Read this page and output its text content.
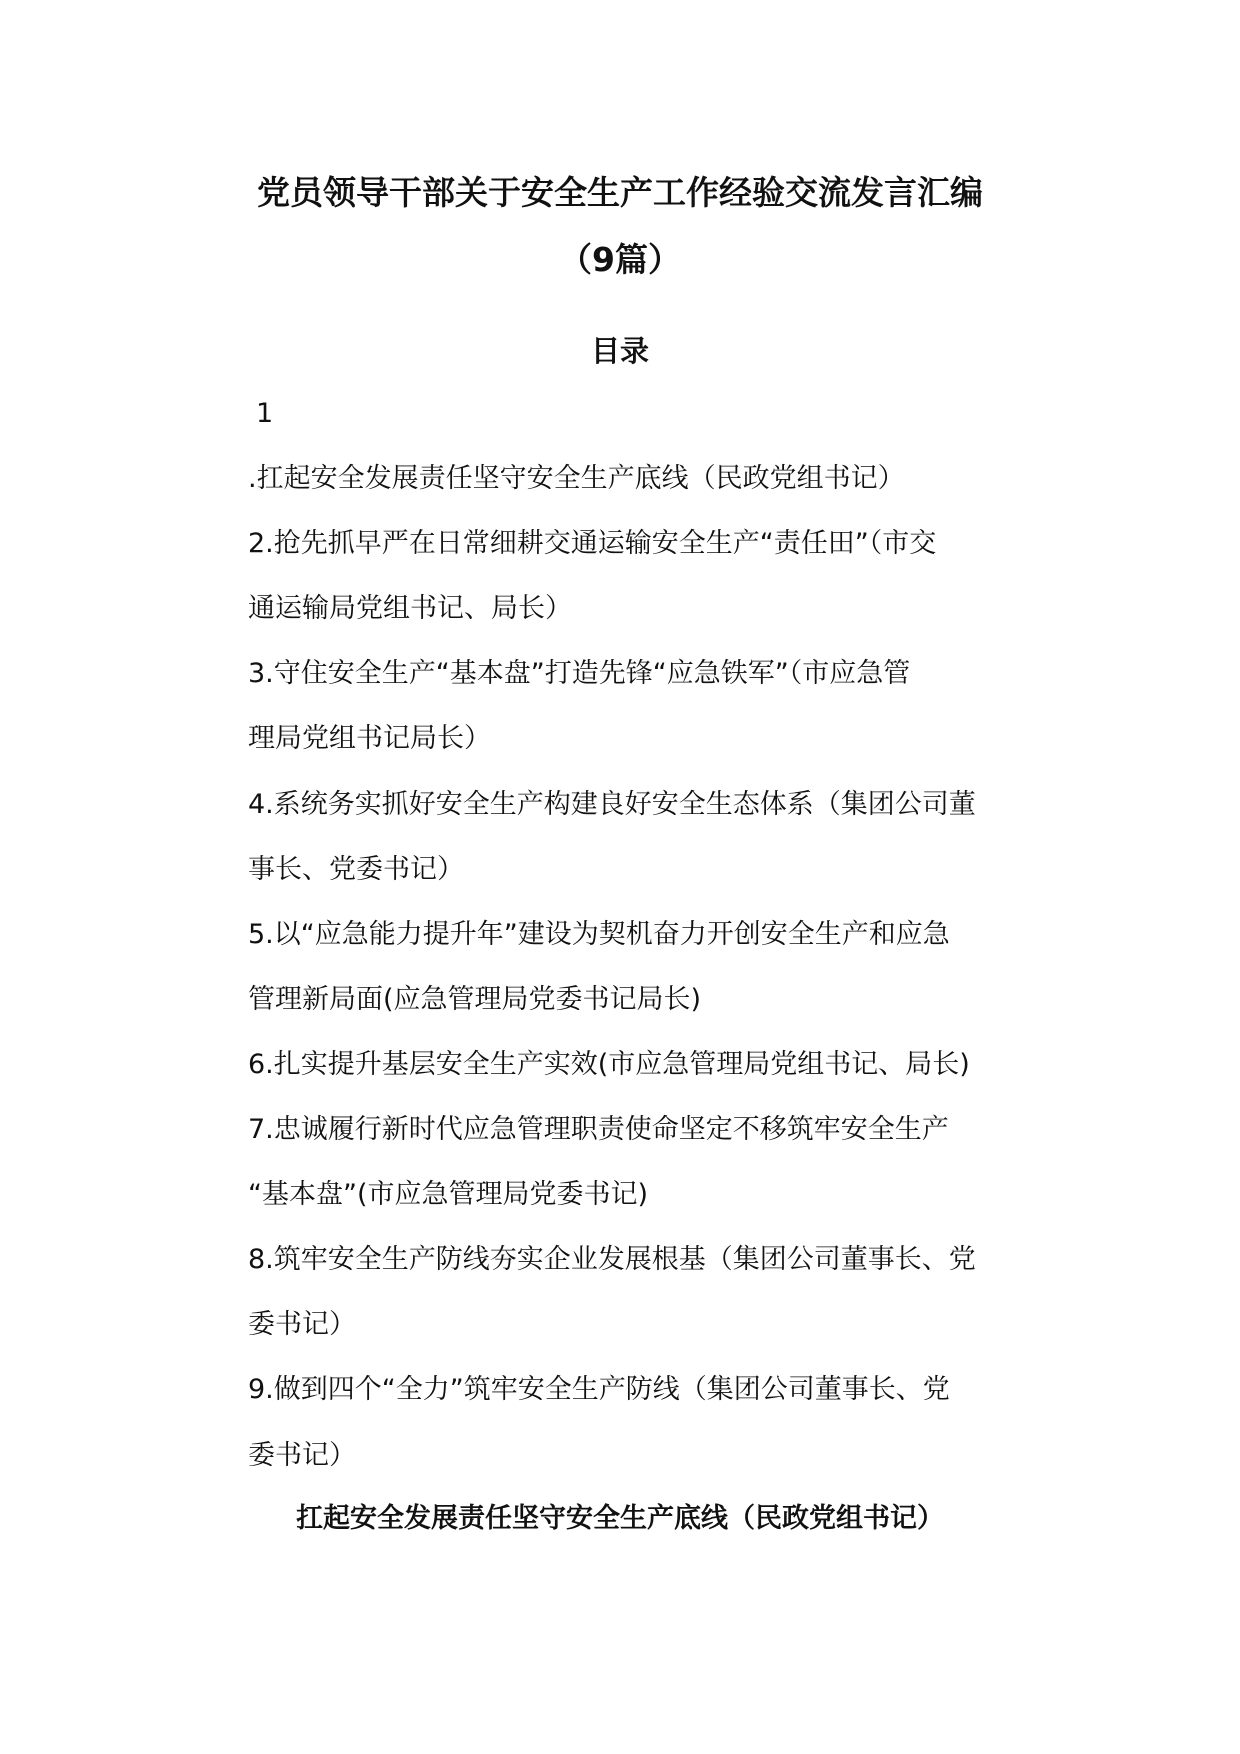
党员领导干部关于安全生产工作经验交流发言汇编
（9篇）
目录
1
.扛起安全发展责任坚守安全生产底线（民政党组书记）
2.抢先抓早严在日常细耕交通运输安全生产“责任田”（市交
通运输局党组书记、局长）
3.守住安全生产“基本盘”打造先锋“应急铁军”（市应急管
理局党组书记局长）
4.系统务实抓好安全生产构建良好安全生态体系（集团公司董
事长、党委书记）
5.以“应急能力提升年”建设为契机奋力开创安全生产和应急
管理新局面(应急管理局党委书记局长)
6.扎实提升基层安全生产实效(市应急管理局党组书记、局长)
7.忠诚履行新时代应急管理职责使命坚定不移筑牢安全生产
“基本盘”(市应急管理局党委书记)
8.筑牢安全生产防线夯实企业发展根基（集团公司董事长、党
委书记）
9.做到四个“全力”筑牢安全生产防线（集团公司董事长、党
委书记）
扛起安全发展责任坚守安全生产底线（民政党组书记）
